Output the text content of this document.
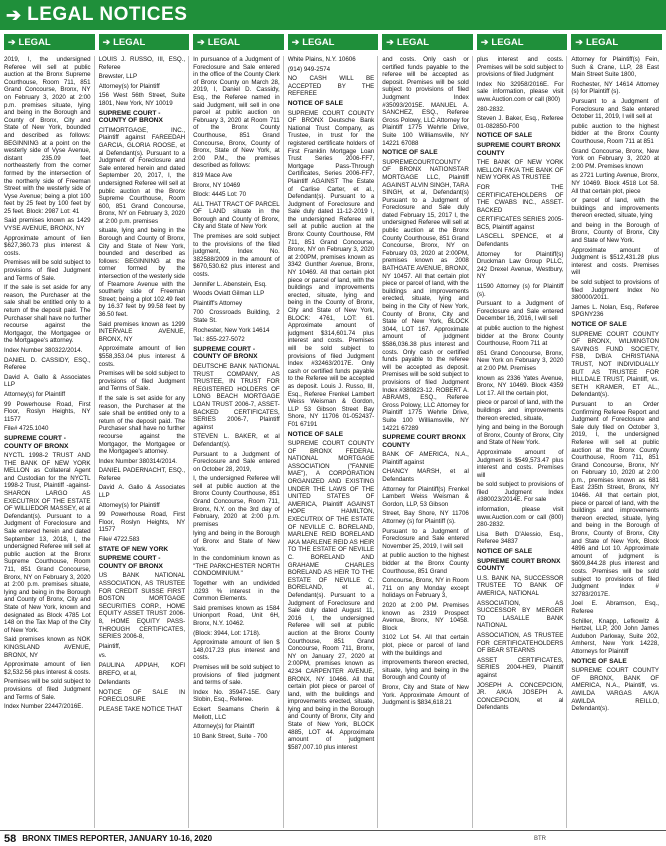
➔ LEGAL NOTICES
➔ LEGAL	➔ LEGAL	➔ LEGAL	➔ LEGAL	➔ LEGAL	➔ LEGAL	➔ LEGAL

2019, I, the undersigned Referee will sell at public auction at the Bronx Supreme Courthouse, Room 711, 851 Grand Concourse, Bronx, NY on February 3, 2020 at 2:00 p.m. premises situate, lying and being in the Borough and County of Bronx, City and State of New York, bounded and described as follows: BEGINNING at a point on the westerly side of Vyse Avenue, distant 235.09 feet northeasterly from the corner formed by the intersection of the northerly side of Freeman Street with the westerly side of Vyse Avenue; being a plot 100 feet by 25 feet by 100 feet by 25 feet. Block: 2987 Lot: 41

Said premises known as 1429 VYSE AVENUE, BRONX, NY

Approximate amount of lien $627,360.73 plus interest & costs.

Premises will be sold subject to provisions of filed Judgment and Terms of Sale.

If the sale is set aside for any reason, the Purchaser at the sale shall be entitled only to a return of the deposit paid. The Purchaser shall have no further recourse against the Mortgagor, the Mortgagee or the Mortgagee's attorney.

Index Number 380322/2014.

DANIEL D. CASSIDY, ESQ., Referee

David A. Gallo & Associates LLP

Attorney(s) for Plaintiff

99 Powerhouse Road, First Floor, Roslyn Heights, NY 11577

File# 4725.1040

SUPREME COURT - COUNTY OF BRONX

NYCTL 1998-2 TRUST AND THE BANK OF NEW YORK MELLON as Collateral Agent and Custodian for the NYCTL 1998-2 Trust, Plaintiff -against- SHARON LARGO AS EXECUTRIX OF THE ESTATE OF WILLIEDOR MASSEY, et al Defendant(s). Pursuant to a Judgment of Foreclosure and Sale entered herein and dated September 13, 2018, I, the undersigned Referee will sell at public auction at the Bronx Supreme Courthouse, Room 711, 851 Grand Concourse, Bronx, NY on February 3, 2020 at 2:00 p.m. premises situate, lying and being in the Borough and County of Bronx, City and State of New York, known and designated as Block 4785 Lot 148 on the Tax Map of the City of New York.

Said premises known as NOK KINGSLAND AVENUE, BRONX, NY

Approximate amount of lien $2,532.56 plus interest & costs.

Premises will be sold subject to provisions of filed Judgment and Terms of Sale.

Index Number 22447/2016E.

LOUIS J. RUSSO, III, ESQ., Referee

Brewster, LLP

Attorney(s) for Plaintiff

156 West 56th Street, Suite 1801, New York, NY 10019

SUPREME COURT - COUNTY OF BRONX

CITIMORTGAGE, INC., Plaintiff against FAREEDAH GARCIA, GLORIA ROOSE, et al Defendant(s). Pursuant to a Judgment of Foreclosure and Sale entered herein and dated September 20, 2017, I, the undersigned Referee will sell at public auction at the Bronx Supreme Courthouse, Room 600, 851 Grand Concourse, Bronx, NY on February 3, 2020 at 2:00 p.m. premises

situate, lying and being in the Borough and County of Bronx, City and State of New York, bounded and described as follows: BEGINNING at the corner formed by the intersection of the westerly side of Fteamore Avenue with the southerly side of Freeman Street; being a plot 102.49 feet by 16.37 feet by 99.58 feet by 36.50 feet.

Said premises known as 1299 INTERVALE AVENUE, BRONX, NY

Approximate amount of lien $558,353.04 plus interest & costs.

Premises will be sold subject to provisions of filed Judgment and Terms of Sale.

If the sale is set aside for any reason, the Purchaser at the sale shall be entitled only to a return of the deposit paid. The Purchaser shall have no further recourse against the Mortgagor, the Mortgagee or the Mortgagee's attorney.

Index Number 380314/2014.

DANIEL PADERNACHT, ESQ., Referee

David A. Gallo & Associates LLP

Attorney(s) for Plaintiff

99 Powerhouse Road, First Floor, Roslyn Heights, NY 11577

File# 4722.583

STATE OF NEW YORK

SUPREME COURT - COUNTY OF BRONX

US BANK NATIONAL ASSOCIATION, AS TRUSTEE FOR CREDIT SUISSE FIRST BOSTON MORTGAGE SECURITIES CORP., HOME EQUITY ASSET TRUST 2006-8, HOME EQUITY PASS-THROUGH CERTIFICATES, SERIES 2006-8,

Plaintiff,

vs.

PAULINA APPIAH, KOFI BREFO, et al,

Defendants

NOTICE OF SALE IN FORECLOSURE

PLEASE TAKE NOTICE THAT

In pursuance of a Judgment of Foreclosure and Sale entered in the office of the County Clerk of Bronx County on March 28, 2019, I, Daniel D. Cassidy, Esq., the Referee named in said Judgment, will sell in one parcel at public auction on February 3, 2020 at Room 711 of the Bronx County Courthouse, 851 Grand Concourse, Bronx, County of Bronx, State of New York, at 2:00 P.M., the premises described as follows:

819 Mace Ave

Bronx, NY 10469

Block: 4445 Lot: 70

ALL THAT TRACT OF PARCEL OF LAND situate in the Borough and County of Bronx, City and State of New York

The premises are sold subject to the provisions of the filed judgment, Index No. 382588/2009 in the amount of $670,530.62 plus interest and costs.

Jennifer L. Abenstein, Esq.

Woods Oviatt Gilman LLP

Plaintiff's Attorney

700 Crossroads Building, 2 State St.

Rochester, New York 14614

Tel.: 855-227-5072

SUPREME COURT - COUNTY OF BRONX

DEUTSCHE BANK NATIONAL TRUST COMPANY, AS TRUSTEE, IN TRUST FOR REGISTERED HOLDERS OF LONG BEACH MORTGAGE LOAN TRUST 2006-7, ASSET-BACKED CERTIFICATES, SERIES 2006-7, Plaintiff against

STEVEN L. BAKER, et al Defendant(s).

Pursuant to a Judgment of Foreclosure and Sale entered on October 28, 2019,

I, the undersigned Referee will sell at public auction at the Bronx County Courthouse, 851 Grand Concourse, Room 711, Bronx, N.Y. on the 3rd day of February, 2020 at 2:00 p.m. premises

lying and being in the Borough of Bronx and State of New York.

In the condominium known as "THE PARKCHESTER NORTH CONDOMINIUM."

Together with an undivided .0293 % interest in the Common Elements.

Said premises known as 1584 Unionport Road, Unit 6H, Bronx, N.Y. 10462.

(Block: 3944, Lot: 1718).

Approximate amount of lien $ 148,017.23 plus interest and costs.

Premises will be sold subject to provisions of filed judgment and terms of sale.

Index No. 35947-15E. Gary Slobin, Esq., Referee.

Eckert Seamans Cherin & Mellott, LLC

Attorney(s) for Plaintiff

10 Bank Street, Suite - 700

White Plains, N.Y. 10606

(914) 949-2574

NO CASH WILL BE ACCEPTED BY THE REFEREE

NOTICE OF SALE

SUPREME COURT COUNTY OF BRONX Deutsche Bank National Trust Company, as Trustee, in trust for the registered certificate holders of First Franklin Mortgage Loan Trust Series 2006-FF7, Mortgage Pass-Through Certificates, Series 2006-FF7, Plaintiff AGAINST The Estate of Carlise Carter, et al., Defendant(s). Pursuant to a Judgment of Foreclosure and Sale duly dated 11-12-2019 I, the undersigned Referee will sell at public auction at the Bronx County Courthouse, RM 711, 851 Grand Concourse, Bronx, NY on February 3, 2020 at 2:00PM, premises known as 3342 Gunther Avenue, Bronx, NY 10469. All that certain plot piece or parcel of land, with the buildings and improvements erected, situate, lying and being in the County of Bronx, City and State of New York, BLOCK: 4761, LOT: 61. Approximate amount of judgment $314,601.74 plus interest and costs. Premises will be sold subject to provisions of filed Judgment Index #32463/2017E. Only cash or certified funds payable to the Referee will be accepted as deposit. Louis J. Russo, III, Esq., Referee Frenkel Lambert Weiss Weisman & Gordon, LLP 53 Gibson Street Bay Shore, NY 11706 01-052437-F01 67191

NOTICE OF SALE

SUPREME COURT COUNTY OF BRONX FEDERAL NATIONAL MORTGAGE ASSOCIATION ("FANNIE MAE"), A CORPORATION ORGANIZED AND EXISTING UNDER THE LAWS OF THE UNITED STATES OF AMERICA, Plaintiff AGAINST HOPE HAMILTON, EXECUTRIX OF THE ESTATE OF NEVILLE C. BORELAND, MARLENE REID BORELAND AKA MARLENE REID AS HEIR TO THE ESTATE OF NEVILLE C. BORELAND AND GRAHAME CHARLES BORELAND AS HEIR TO THE ESTATE OF NEVILLE C. BORELAND, et al., Defendant(s). Pursuant to a Judgment of Foreclosure and Sale duly dated August 11, 2016 I, the undersigned Referee will sell at public auction at the Bronx County Courthouse, 851 Grand Concourse, Room 711, Bronx, NY on January 27, 2020 at 2:00PM, premises known as 4234 CARPENTER AVENUE, BRONX, NY 10466. All that certain plot piece or parcel of land, with the buildings and improvements erected, situate, lying and being in the Borough and County of Bronx, City and State of New York, BLOCK 4885, LOT 44. Approximate amount of judgment $587,007.10 plus interest

and costs. Only cash or certified funds payable to the referee will be accepted as deposit. Premises will be sold subject to provisions of filed Judgment Index #35093/2015E. MANUEL A. SANCHEZ, ESQ., Referee Gross Polowy, LLC Attorney for Plaintiff 1775 Wehrle Drive, Suite 100 Williamsville, NY 14221 67088

NOTICE OF SALE

SUPREMECOURTCOUNTY OF BRONX NATIONSTAR MORTGAGE LLC, Plaintiff AGAINST ALVIN SINGH, TARA SINGH, et al, Defendant(s) Pursuant to a Judgment of Foreclosure and Sale duly dated February 15, 2017 I, the undersigned Referee will sell at public auction at the Bronx County Courthouse, 851 Grand Concourse, Bronx, NY on February 03, 2020 at 2:00PM, premises known as 2008 BATHGATE AVENUE, BRONX, NY 10457. All that certain plot piece or parcel of land, with the buildings and improvements erected, situate, lying and being in the City of New York, County of Bronx, City and State of New York, BLOCK 3044, LOT 167. Approximate amount of judgment $586,036.38 plus interest and costs. Only cash or certified funds payable to the referee will be accepted as deposit. Premises will be sold subject to provisions of filed Judgment Index #380823-12. ROBERT A. ABRAMS, ESQ., Referee Gross Polowy, LLC Attorney for Plaintiff 1775 Wehrle Drive, Suite 100 Williamsville, NY 14221 67289

SUPREME COURT BRONX COUNTY

BANK OF AMERICA, N.A., Plaintiff against

CHANCY MARSH, et al Defendants

Attorney for Plaintiff(s) Frenkel Lambert Weiss Weisman & Gordon, LLP, 53 Gibson

Street, Bay Shore, NY 11706 Attorney (s) for Plaintiff (s).

Pursuant to a Judgment of Foreclosure and Sale entered November 25, 2019, I will sell

at public auction to the highest bidder at the Bronx County Courthouse, 851 Grand

Concourse, Bronx, NY in Room 711 on any Monday except holidays on February 3,

2020 at 2:00 PM. Premises known as 2319 Prospect Avenue, Bronx, NY 10458. Block

3102 Lot 54. All that certain plot, piece or parcel of land with the buildings and

improvements thereon erected, situate, lying and being in the Borough and County of

Bronx, City and State of New York. Approximate Amount of Judgment is $834,618.21

plus interest and costs. Premises will be sold subject to provisions of filed Judgment

Index No 32958/2016E. For sale information, please visit www.Auction.com or call (800)

280-2832.

Steven J. Baker, Esq., Referee 01-082850-F00

NOTICE OF SALE

SUPREME COURT BRONX COUNTY

THE BANK OF NEW YORK MELLON F/K/A THE BANK OF NEW YORK AS TRUSTEE

FOR THE CERTIFICATEHOLDERS OF THE CWABS INC., ASSET-BACKED

CERTIFICATES SERIES 2005-BC5, Plaintiff against

LASCELL SPENCE, et al Defendants

Attorney for Plaintiff(s) Druckman Law Group PLLC, 242 Drexel Avenue, Westbury, NY

11590 Attorney (s) for Plaintiff (s).

Pursuant to a Judgment of Foreclosure and Sale entered December 16, 2016, I will sell

at public auction to the highest bidder at the Bronx County Courthouse, Room 711 at

851 Grand Concourse, Bronx, New York on February 3, 2020 at 2:00 PM. Premises

known as 2336 Yates Avenue, Bronx, NY 10469. Block 4359 Lot 17. All the certain plot,

piece or parcel of land, with the buildings and improvements thereon erected, situate,

lying and being in the Borough of Bronx, County of Bronx, City and State of New York.

Approximate amount of Judgment is $549,573.47 plus interest and costs. Premises will

be sold subject to provisions of filed Judgment Index #380023/2014E. For sale

information, please visit www.Auction.com or call (800) 280-2832.

Lisa Beth D'Alessio, Esq., Referee 34837

NOTICE OF SALE

SUPREME COURT BRONX COUNTY

U.S. BANK NA, SUCCESSOR TRUSTEE TO BANK OF AMERICA, NATIONAL

ASSOCIATION, AS SUCCESSOR BY MERGER TO LASALLE BANK NATIONAL

ASSOCIATION, AS TRUSTEE FOR CERTIFICATEHOLDERS OF BEAR STEARNS

ASSET CERTIFICATES, SERIES 2004-HE9, Plaintiff against

JOSEPH A. CONCEPCION, JR. A/K/A JOSEPH A. CONCEPCION, et al Defendants

Attorney for Plaintiff(s) Fein, Such & Crane, LLP, 28 East Main Street Suite 1800,

Rochester, NY 14614 Attorney (s) for Plaintiff (s).

Pursuant to a Judgment of Foreclosure and Sale entered October 11, 2019, I will sell at

public auction to the highest bidder at the Bronx County Courthouse, Room 711 at 851

Grand Concourse, Bronx, New York on February 3, 2020 at 2:00 PM. Premises known

as 2721 Lurting Avenue, Bronx, NY 10469. Block 4518 Lot 58. All that certain plot, piece

or parcel of land, with the buildings and improvements thereon erected, situate, lying

and being in the Borough of Bronx, County of Bronx, City and State of New York.

Approximate amount of Judgment is $512,431.28 plus interest and costs. Premises will

be sold subject to provisions of filed Judgment Index No 380000/2011.

James L. Nolan, Esq., Referee SPGNY236

NOTICE OF SALE

SUPREME COURT COUNTY OF BRONX, WILMINGTON SAVINGS FUND SOCIETY, FSB, D/B/A CHRISTIANA TRUST, NOT INDIVIDUALLY BUT AS TRUSTEE FOR HILLDALE TRUST, Plaintiff, vs. SETH KRAMER, ET AL., Defendant(s).

Pursuant to an Order Confirming Referee Report and Judgment of Foreclosure and Sale duly filed on October 3, 2019, I, the undersigned Referee will sell at public auction at the Bronx County Courthouse, Room 711, 851 Grand Concourse, Bronx, NY on February 10, 2020 at 2:00 p.m., premises known as 681 East 235th Street, Bronx, NY 10466. All that certain plot, piece or parcel of land, with the buildings and improvements thereon erected, situate, lying and being in the Borough of Bronx, County of Bronx, City and State of New York, Block 4896 and Lot 10. Approximate amount of judgment is $609,844.28 plus interest and costs. Premises will be sold subject to provisions of filed Judgment Index # 32783/2017E.

Joel E. Abramson, Esq., Referee

Schiller, Knapp, Lefkowitz & Hertzel, LLP, 200 John James Audubon Parkway, Suite 202, Amherst, New York 14228, Attorneys for Plaintiff

NOTICE OF SALE

SUPREME COURT COUNTY OF BRONX, BANK OF AMERICA, N.A., Plaintiff, vs. AWILDA VARGAS A/K/A AWILDA REILLO, Defendant(s).

58 BRONX TIMES REPORTER, JANUARY 10-16, 2020	BTR
